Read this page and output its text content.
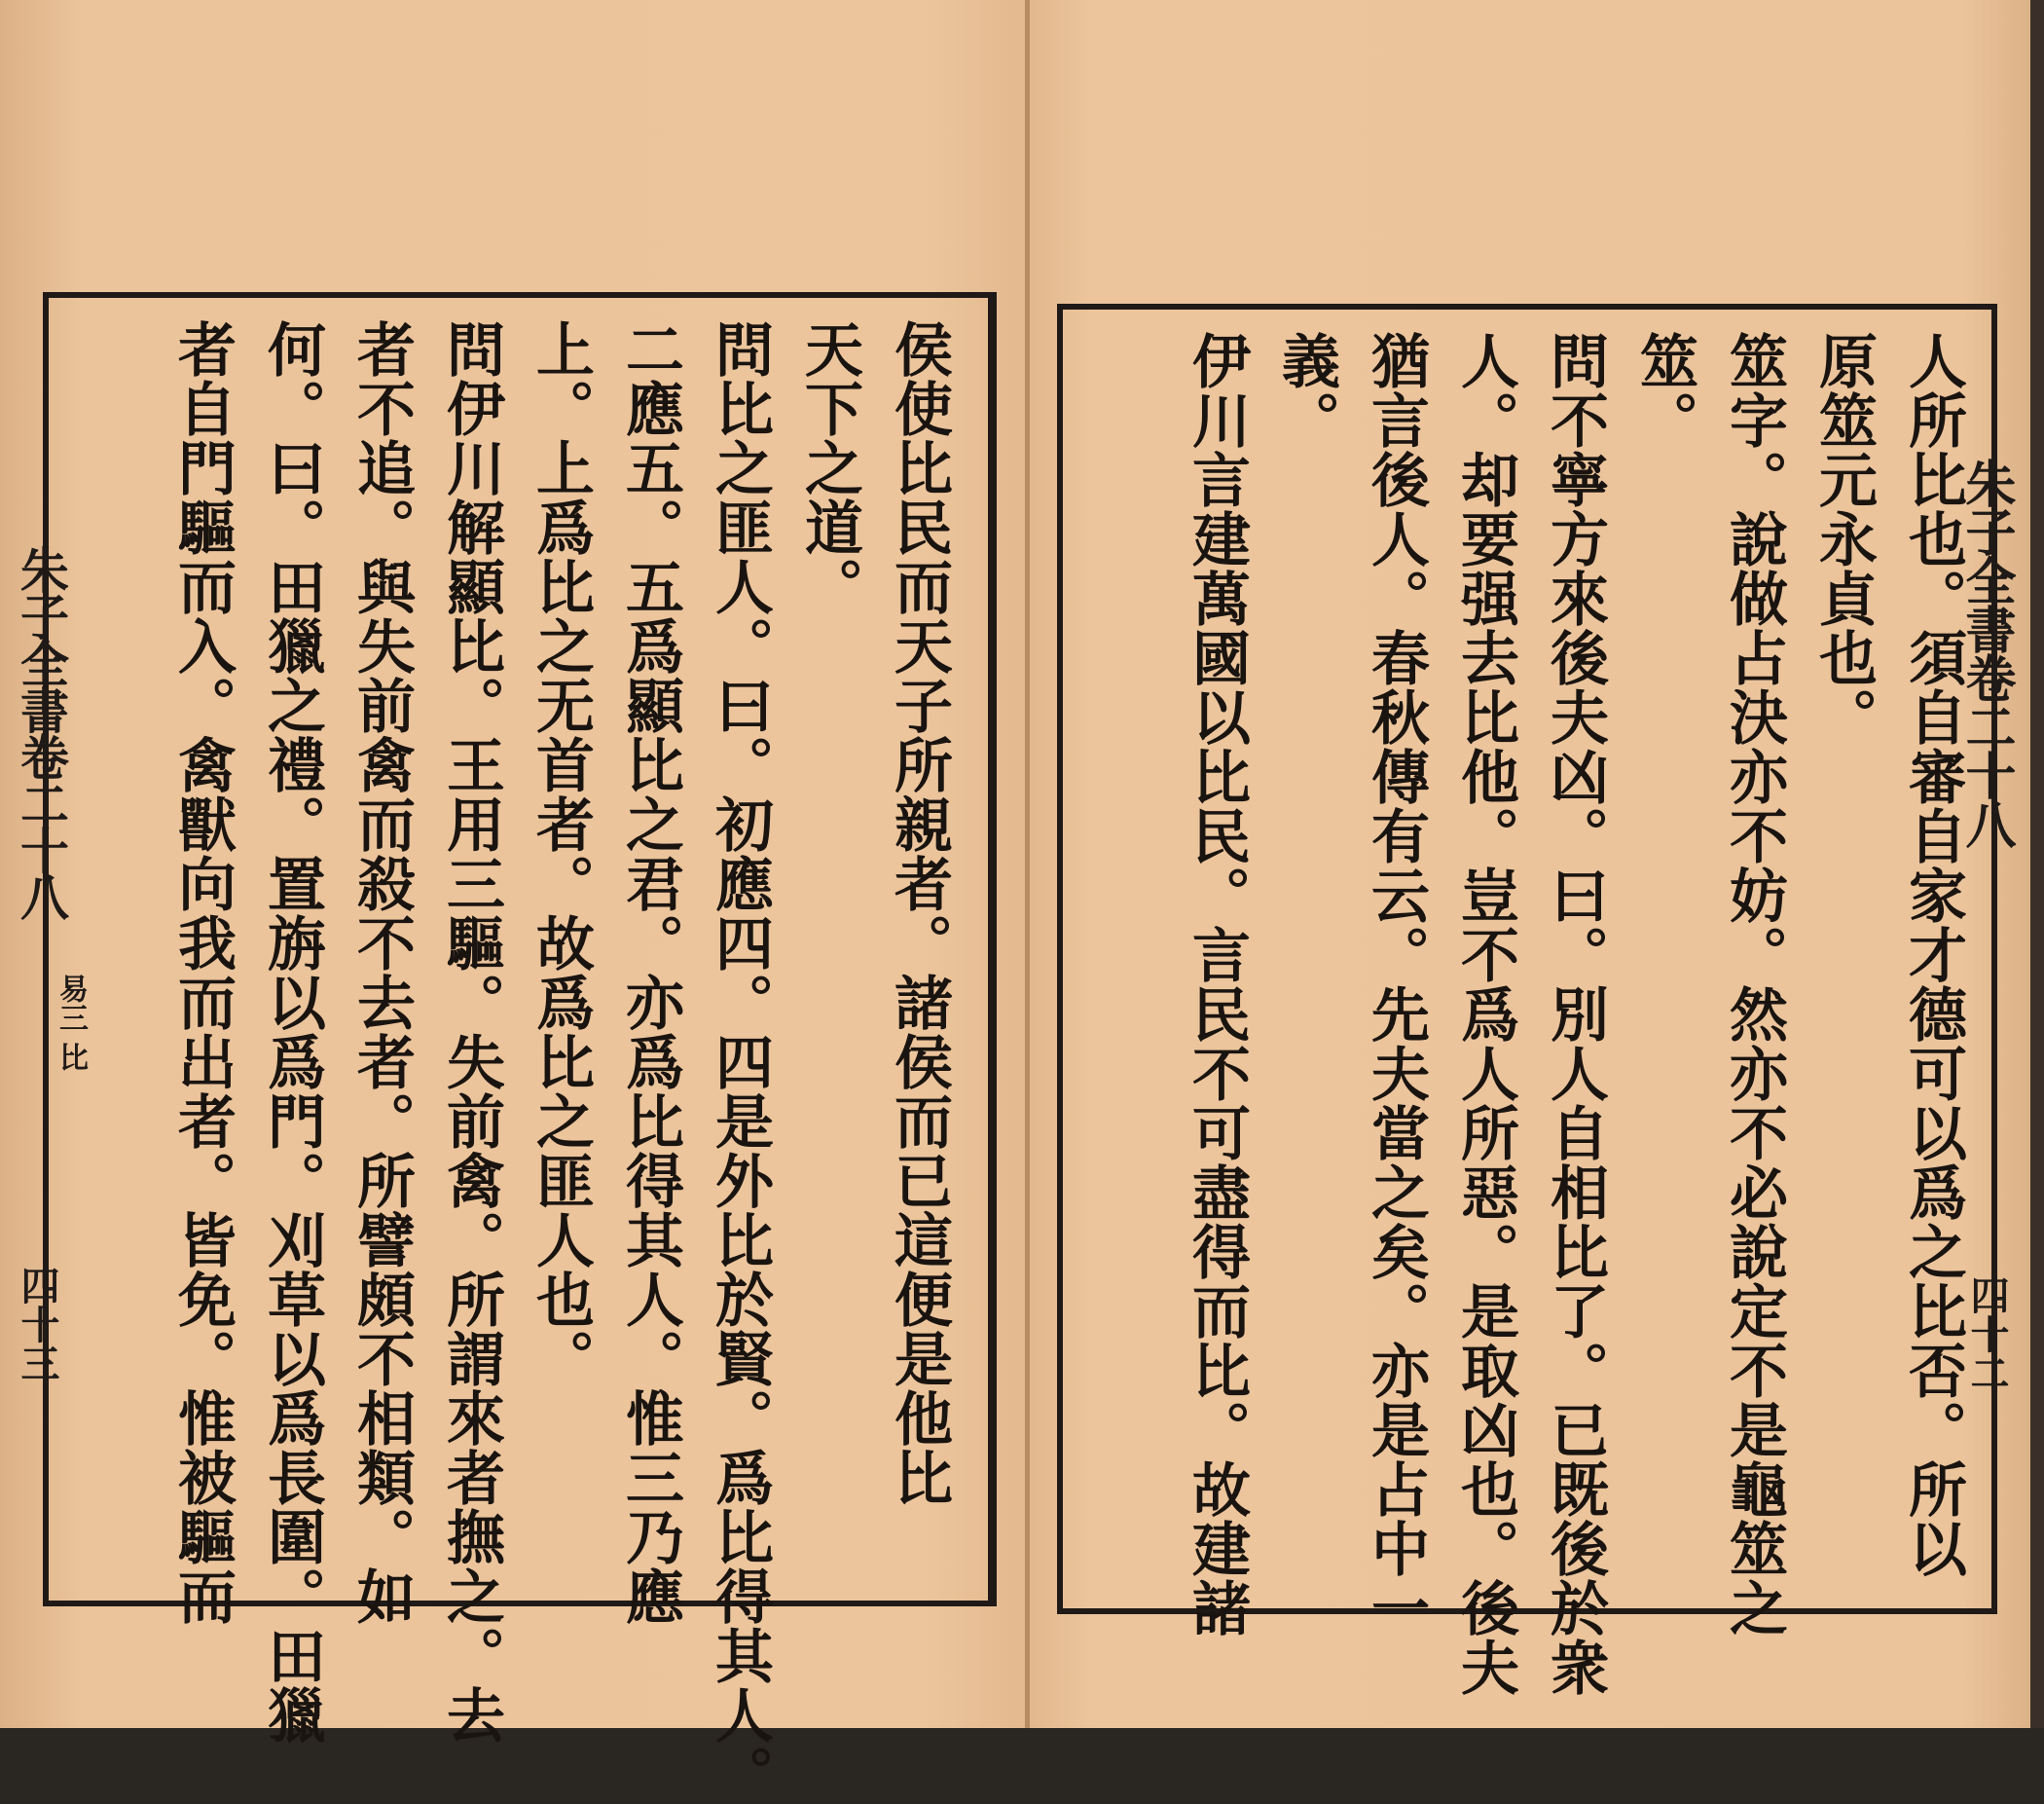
侯使比民而天子所親者。諸侯而已這便是他比
天下之道。
問比之匪人。曰。初應四。四是外比於賢。爲比得其人。
二應五。五爲顯比之君。亦爲比得其人。惟三乃應
上。上爲比之无首者。故爲比之匪人也。
問伊川解顯比。王用三驅。失前禽。所謂來者撫之。去
者不追。與失前禽而殺不去者。所譬頗不相類。如
何。曰。田獵之禮。置旃以爲門。刈草以爲長圍。田獵
者自門驅而入。禽獸向我而出者。皆免。惟被驅而
朱子全書卷二十八
易三 比
四十三	人所比也。須自審自家才德可以爲之比否。所以
原筮元永貞也。
筮字。說做占決亦不妨。然亦不必說定不是龜筮之
筮。
問不寧方來後夫凶。曰。別人自相比了。已既後於衆
人。却要强去比他。豈不爲人所惡。是取凶也。後夫
猶言後人。春秋傳有云。先夫當之矣。亦是占中一
義。
伊川言建萬國以比民。言民不可盡得而比。故建諸	朱子全書卷二十八
四十二
